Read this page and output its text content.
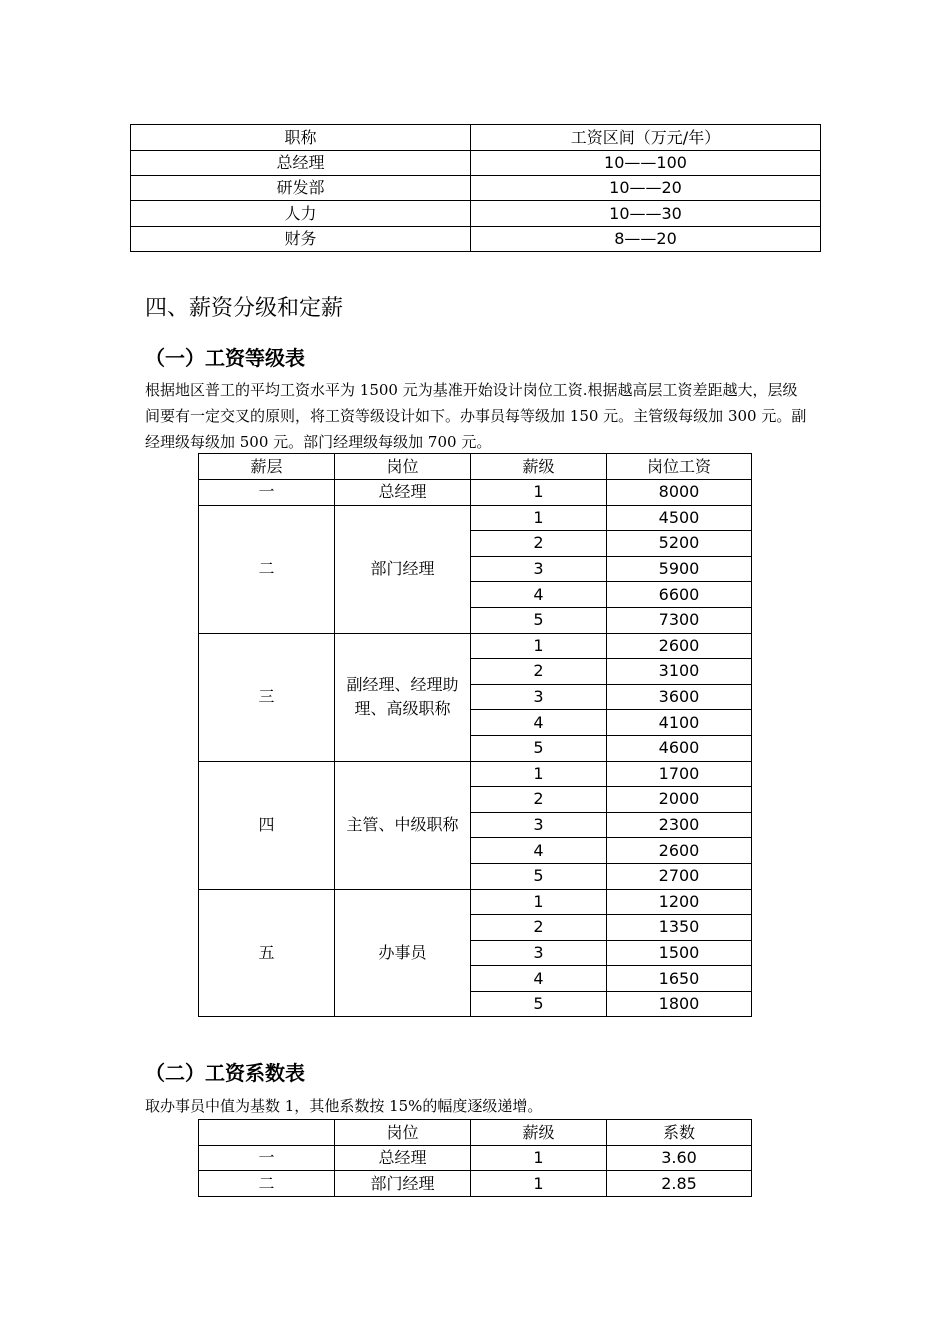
职称	工资区间（万元/年）
总经理	10——100
研发部	10——20
人力	10——30
财务	8——20
四、薪资分级和定薪
（一）工资等级表

根据地区普工的平均工资水平为 1500 元为基准开始设计岗位工资.根据越高层工资差距越大，层级间要有一定交叉的原则，将工资等级设计如下。办事员每等级加 150 元。主管级每级加 300 元。副经理级每级加 500 元。部门经理级每级加 700 元。

薪层	岗位	薪级	岗位工资
一	总经理	1	8000
二	部门经理	1	4500
		2	5200
		3	5900
		4	6600
		5	7300
三	副经理、经理助理、高级职称	1	2600
		2	3100
		3	3600
		4	4100
		5	4600
四	主管、中级职称	1	1700
		2	2000
		3	2300
		4	2600
		5	2700
五	办事员	1	1200
		2	1350
		3	1500
		4	1650
		5	1800
（二）工资系数表

取办事员中值为基数 1，其他系数按 15%的幅度逐级递增。

	岗位	薪级	系数
一	总经理	1	3.60
二	部门经理	1	2.85
